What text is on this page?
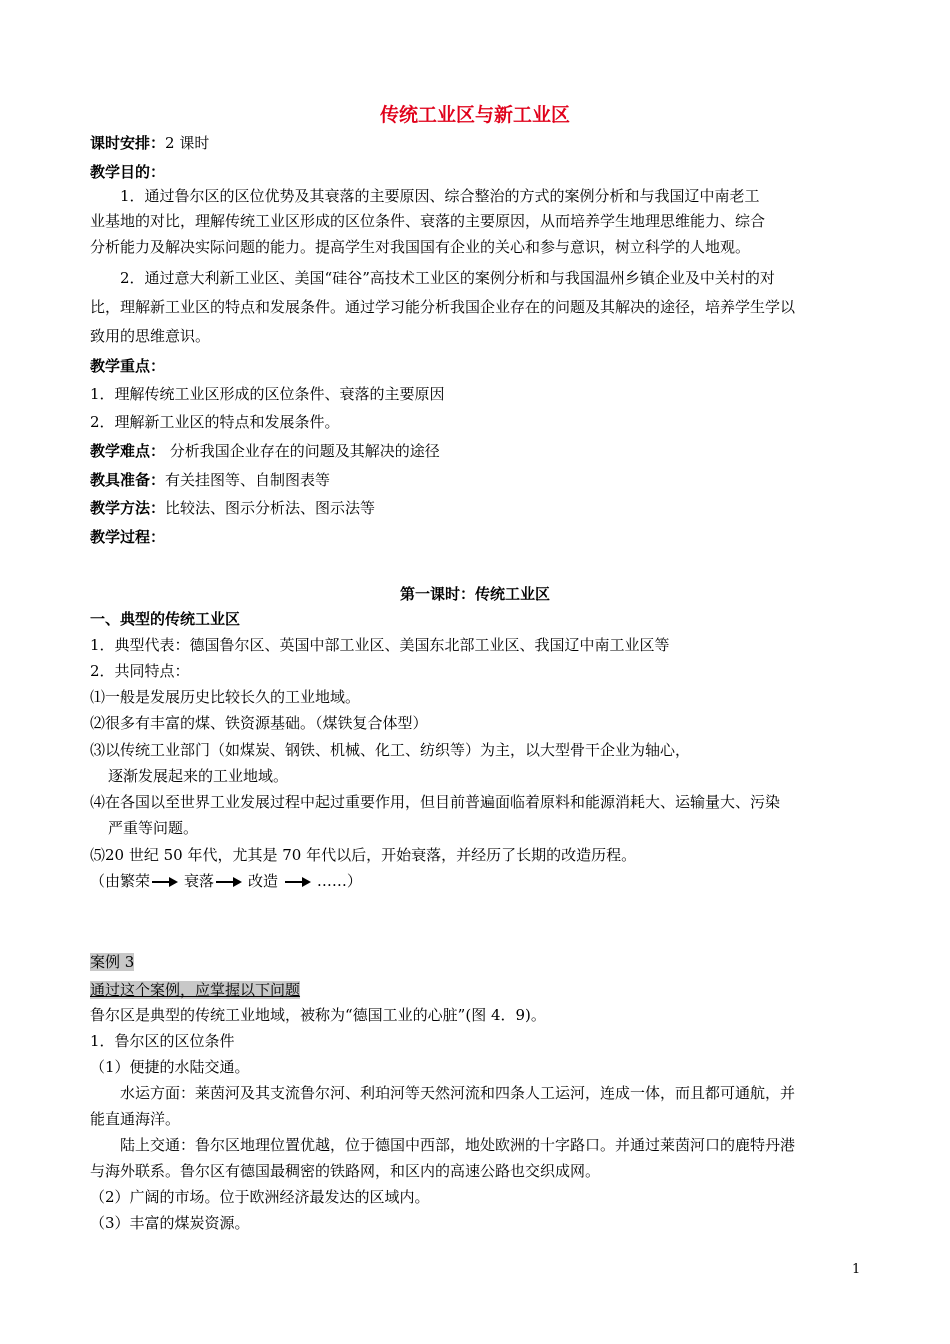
传统工业区与新工业区
课时安排：2 课时
教学目的：
1．通过鲁尔区的区位优势及其衰落的主要原因、综合整治的方式的案例分析和与我国辽中南老工
业基地的对比，理解传统工业区形成的区位条件、衰落的主要原因，从而培养学生地理思维能力、综合
分析能力及解决实际问题的能力。提高学生对我国国有企业的关心和参与意识，树立科学的人地观。
2．通过意大利新工业区、美国“硅谷”高技术工业区的案例分析和与我国温州乡镇企业及中关村的对
比，理解新工业区的特点和发展条件。通过学习能分析我国企业存在的问题及其解决的途径，培养学生学以
致用的思维意识。
教学重点：
1．理解传统工业区形成的区位条件、衰落的主要原因
2．理解新工业区的特点和发展条件。
教学难点： 分析我国企业存在的问题及其解决的途径
教具准备：有关挂图等、自制图表等
教学方法：比较法、图示分析法、图示法等
教学过程：
第一课时：传统工业区
一、典型的传统工业区
1．典型代表：德国鲁尔区、英国中部工业区、美国东北部工业区、我国辽中南工业区等
2．共同特点：
⑴一般是发展历史比较长久的工业地域。
⑵很多有丰富的煤、铁资源基础。（煤铁复合体型）
⑶以传统工业部门（如煤炭、钢铁、机械、化工、纺织等）为主，以大型骨干企业为轴心，
逐渐发展起来的工业地域。
⑷在各国以至世界工业发展过程中起过重要作用，但目前普遍面临着原料和能源消耗大、运输量大、污染
严重等问题。
⑸20 世纪 50 年代，尤其是 70 年代以后，开始衰落，并经历了长期的改造历程。
（由繁荣 衰落 改造	……）
案例 3
通过这个案例，应掌握以下问题
鲁尔区是典型的传统工业地域，被称为“德国工业的心脏”(图 4．9)。
1．鲁尔区的区位条件
（1）便捷的水陆交通。
水运方面：莱茵河及其支流鲁尔河、利珀河等天然河流和四条人工运河，连成一体，而且都可通航，并
能直通海洋。
陆上交通：鲁尔区地理位置优越，位于德国中西部，地处欧洲的十字路口。并通过莱茵河口的鹿特丹港
与海外联系。鲁尔区有德国最稠密的铁路网，和区内的高速公路也交织成网。
（2）广阔的市场。位于欧洲经济最发达的区域内。
（3）丰富的煤炭资源。
1
